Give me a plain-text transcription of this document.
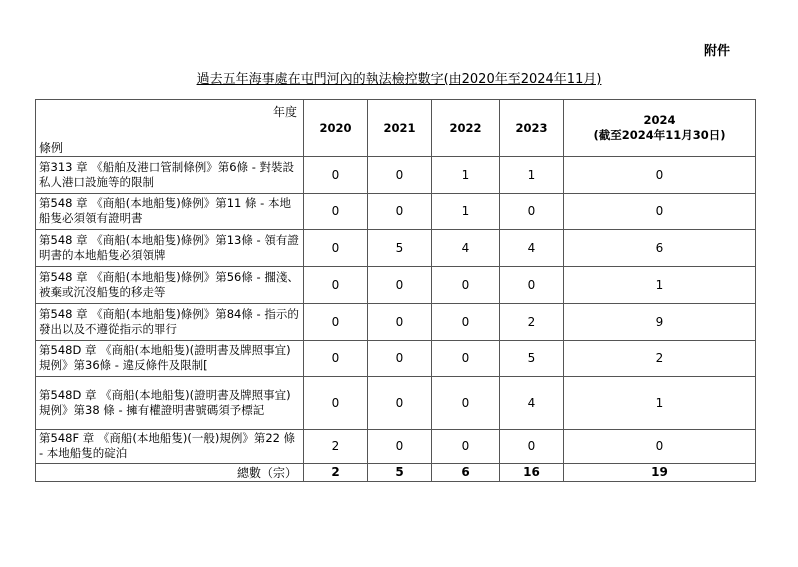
附件
過去五年海事處在屯門河內的執法檢控數字(由2020年至2024年11月)
年度	2020	2021	2022	2023	2024
(截至2024年11月30日)

條例					
第313 章 《船舶及港口管制條例》第6條 - 對裝設私人港口設施等的限制	0	0	1	1	0
第548 章 《商船(本地船隻)條例》第11 條 - 本地船隻必須領有證明書	0	0	1	0	0
第548 章 《商船(本地船隻)條例》第13條 - 領有證明書的本地船隻必須領牌	0	5	4	4	6
第548 章 《商船(本地船隻)條例》第56條 - 擱淺、被棄或沉沒船隻的移走等	0	0	0	0	1
第548 章 《商船(本地船隻)條例》第84條 - 指示的發出以及不遵從指示的罪行	0	0	0	2	9
第548D 章 《商船(本地船隻)(證明書及牌照事宜)規例》第36條 - 違反條件及限制[	0	0	0	5	2
第548D 章 《商船(本地船隻)(證明書及牌照事宜)規例》第38 條 - 擁有權證明書號碼須予標記	0	0	0	4	1
第548F 章 《商船(本地船隻)(一般)規例》第22 條 - 本地船隻的碇泊	2	0	0	0	0
總數（宗）	2	5	6	16	19
